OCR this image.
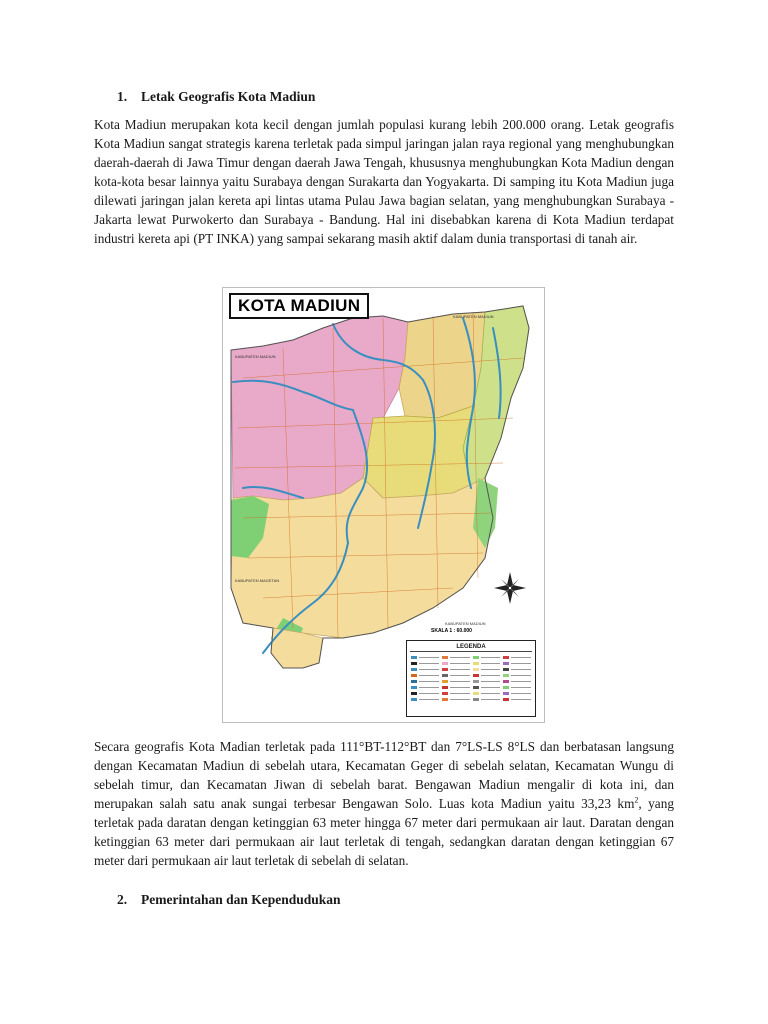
1. Letak Geografis Kota Madiun

Kota Madiun merupakan kota kecil dengan jumlah populasi kurang lebih 200.000 orang. Letak geografis Kota Madiun sangat strategis karena terletak pada simpul jaringan jalan raya regional yang menghubungkan daerah-daerah di Jawa Timur dengan daerah Jawa Tengah, khususnya menghubungkan Kota Madiun dengan kota-kota besar lainnya yaitu Surabaya dengan Surakarta dan Yogyakarta. Di samping itu Kota Madiun juga dilewati jaringan jalan kereta api lintas utama Pulau Jawa bagian selatan, yang menghubungkan Surabaya - Jakarta lewat Purwokerto dan Surabaya - Bandung. Hal ini disebabkan karena di Kota Madiun terdapat industri kereta api (PT INKA) yang sampai sekarang masih aktif dalam dunia transportasi di tanah air.

KOTA MADIUN
KABUPATEN MADIUN
KABUPATEN MADIUN
KABUPATEN MAGETAN
KABUPATEN MADIUN
SKALA 1 : 60.000
LEGENDA

Secara geografis Kota Madian terletak pada 111°BT-112°BT dan 7°LS-LS 8°LS dan berbatasan langsung dengan Kecamatan Madiun di sebelah utara, Kecamatan Geger di sebelah selatan, Kecamatan Wungu di sebelah timur, dan Kecamatan Jiwan di sebelah barat. Bengawan Madiun mengalir di kota ini, dan merupakan salah satu anak sungai terbesar Bengawan Solo. Luas kota Madiun yaitu 33,23 $km^2$, yang terletak pada daratan dengan ketinggian 63 meter hingga 67 meter dari permukaan air laut. Daratan dengan ketinggian 63 meter dari permukaan air laut terletak di tengah, sedangkan daratan dengan ketinggian 67 meter dari permukaan air laut terletak di sebelah di selatan.

2. Pemerintahan dan Kependudukan
